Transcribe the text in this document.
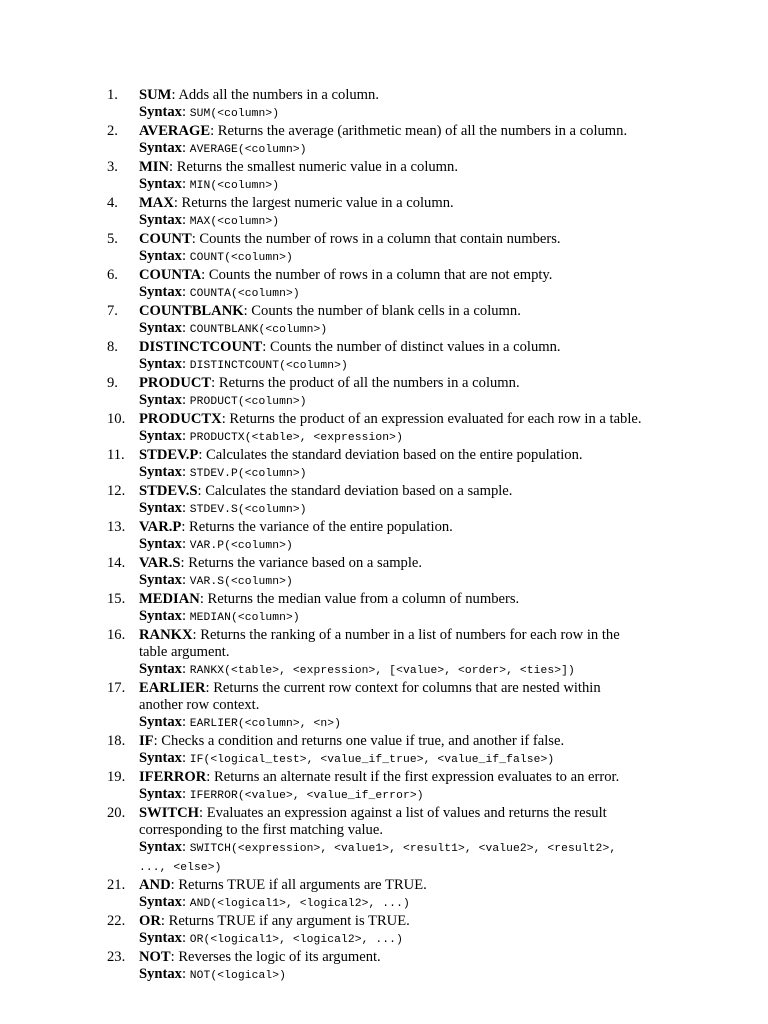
1.	SUM: Adds all the numbers in a column.
Syntax: SUM(<column>)
2.	AVERAGE: Returns the average (arithmetic mean) of all the numbers in a column.
Syntax: AVERAGE(<column>)
3.	MIN: Returns the smallest numeric value in a column.
Syntax: MIN(<column>)
4.	MAX: Returns the largest numeric value in a column.
Syntax: MAX(<column>)
5.	COUNT: Counts the number of rows in a column that contain numbers.
Syntax: COUNT(<column>)
6.	COUNTA: Counts the number of rows in a column that are not empty.
Syntax: COUNTA(<column>)
7.	COUNTBLANK: Counts the number of blank cells in a column.
Syntax: COUNTBLANK(<column>)
8.	DISTINCTCOUNT: Counts the number of distinct values in a column.
Syntax: DISTINCTCOUNT(<column>)
9.	PRODUCT: Returns the product of all the numbers in a column.
Syntax: PRODUCT(<column>)
10. PRODUCTX: Returns the product of an expression evaluated for each row in a table.
Syntax: PRODUCTX(<table>, <expression>)
11. STDEV.P: Calculates the standard deviation based on the entire population.
Syntax: STDEV.P(<column>)
12. STDEV.S: Calculates the standard deviation based on a sample.
Syntax: STDEV.S(<column>)
13. VAR.P: Returns the variance of the entire population.
Syntax: VAR.P(<column>)
14. VAR.S: Returns the variance based on a sample.
Syntax: VAR.S(<column>)
15. MEDIAN: Returns the median value from a column of numbers.
Syntax: MEDIAN(<column>)
16. RANKX: Returns the ranking of a number in a list of numbers for each row in the
table argument.
Syntax: RANKX(<table>, <expression>, [<value>, <order>, <ties>])
17. EARLIER: Returns the current row context for columns that are nested within
another row context.
Syntax: EARLIER(<column>, <n>)
18. IF: Checks a condition and returns one value if true, and another if false.
Syntax: IF(<logical_test>, <value_if_true>, <value_if_false>)
19. IFERROR: Returns an alternate result if the first expression evaluates to an error.
Syntax: IFERROR(<value>, <value_if_error>)
20. SWITCH: Evaluates an expression against a list of values and returns the result
corresponding to the first matching value.
Syntax: SWITCH(<expression>, <value1>, <result1>, <value2>, <result2>,
..., <else>)
21. AND: Returns TRUE if all arguments are TRUE.
Syntax: AND(<logical1>, <logical2>, ...)
22. OR: Returns TRUE if any argument is TRUE.
Syntax: OR(<logical1>, <logical2>, ...)
23. NOT: Reverses the logic of its argument.
Syntax: NOT(<logical>)
